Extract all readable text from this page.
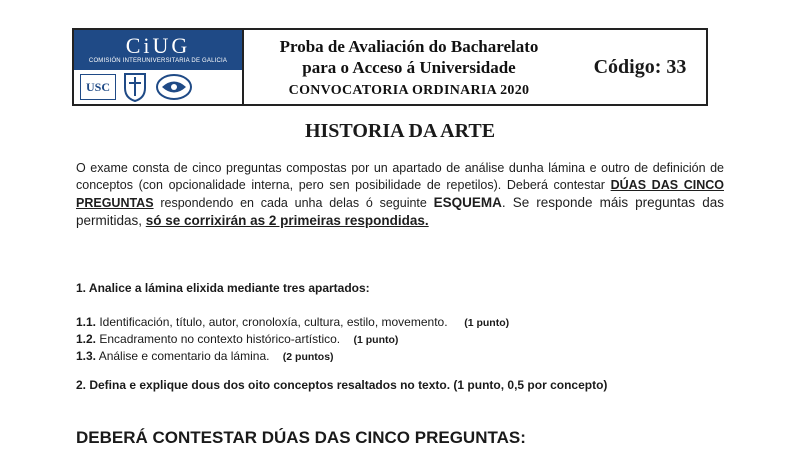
CiUG
COMISIÓN INTERUNIVERSITARIA DE GALICIA
USC
Proba de Avaliación do Bacharelato
para o Acceso á Universidade
CONVOCATORIA ORDINARIA 2020
Código: 33
HISTORIA DA ARTE

O exame consta de cinco preguntas compostas por un apartado de análise dunha lámina e outro de definición de conceptos (con opcionalidade interna, pero sen posibilidade de repetilos). Deberá contestar DÚAS DAS CINCO PREGUNTAS respondendo en cada unha delas ó seguinte ESQUEMA. Se responde máis preguntas das permitidas, só se corrixirán as 2 primeiras respondidas.

1. Analice a lámina elixida mediante tres apartados:

1.1. Identificación, título, autor, cronoloxía, cultura, estilo, movemento. (1 punto)
1.2. Encadramento no contexto histórico-artístico. (1 punto)
1.3. Análise e comentario da lámina. (2 puntos)

2. Defina e explique dous dos oito conceptos resaltados no texto. (1 punto, 0,5 por concepto)

DEBERÁ CONTESTAR DÚAS DAS CINCO PREGUNTAS:
